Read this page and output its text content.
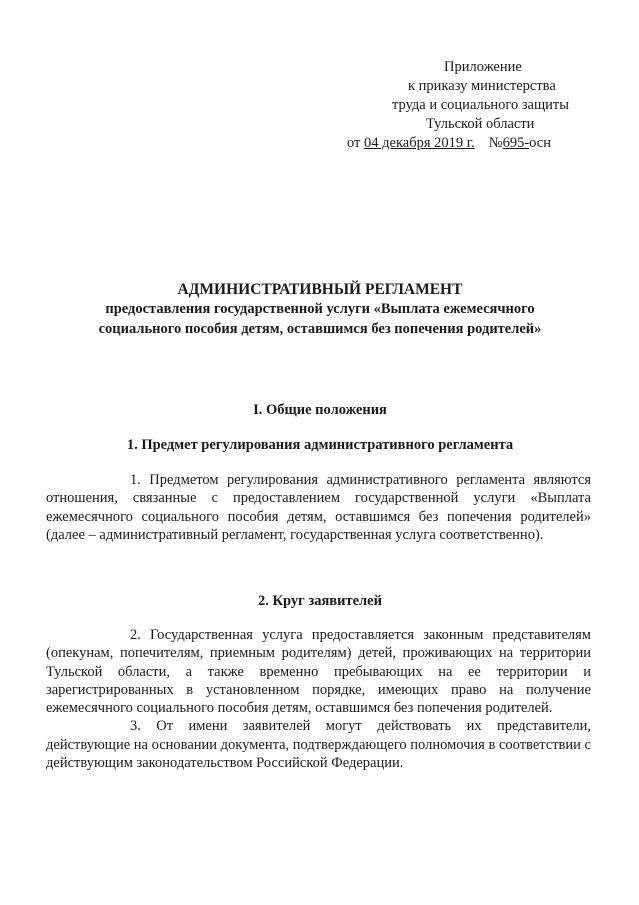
Приложение
к приказу министерства
труда и социального защиты
Тульской области
от 04 декабря 2019 г. №695-осн
АДМИНИСТРАТИВНЫЙ РЕГЛАМЕНТ
предоставления государственной услуги «Выплата ежемесячного
социального пособия детям, оставшимся без попечения родителей»
I. Общие положения
1. Предмет регулирования административного регламента

1. Предметом регулирования административного регламента являются отношения, связанные с предоставлением государственной услуги «Выплата ежемесячного социального пособия детям, оставшимся без попечения родителей» (далее – административный регламент, государственная услуга соответственно).

2. Круг заявителей

2. Государственная услуга предоставляется законным представителям (опекунам, попечителям, приемным родителям) детей, проживающих на территории Тульской области, а также временно пребывающих на ее территории и зарегистрированных в установленном порядке, имеющих право на получение ежемесячного социального пособия детям, оставшимся без попечения родителей.

3. От имени заявителей могут действовать их представители, действующие на основании документа, подтверждающего полномочия в соответствии с действующим законодательством Российской Федерации.
